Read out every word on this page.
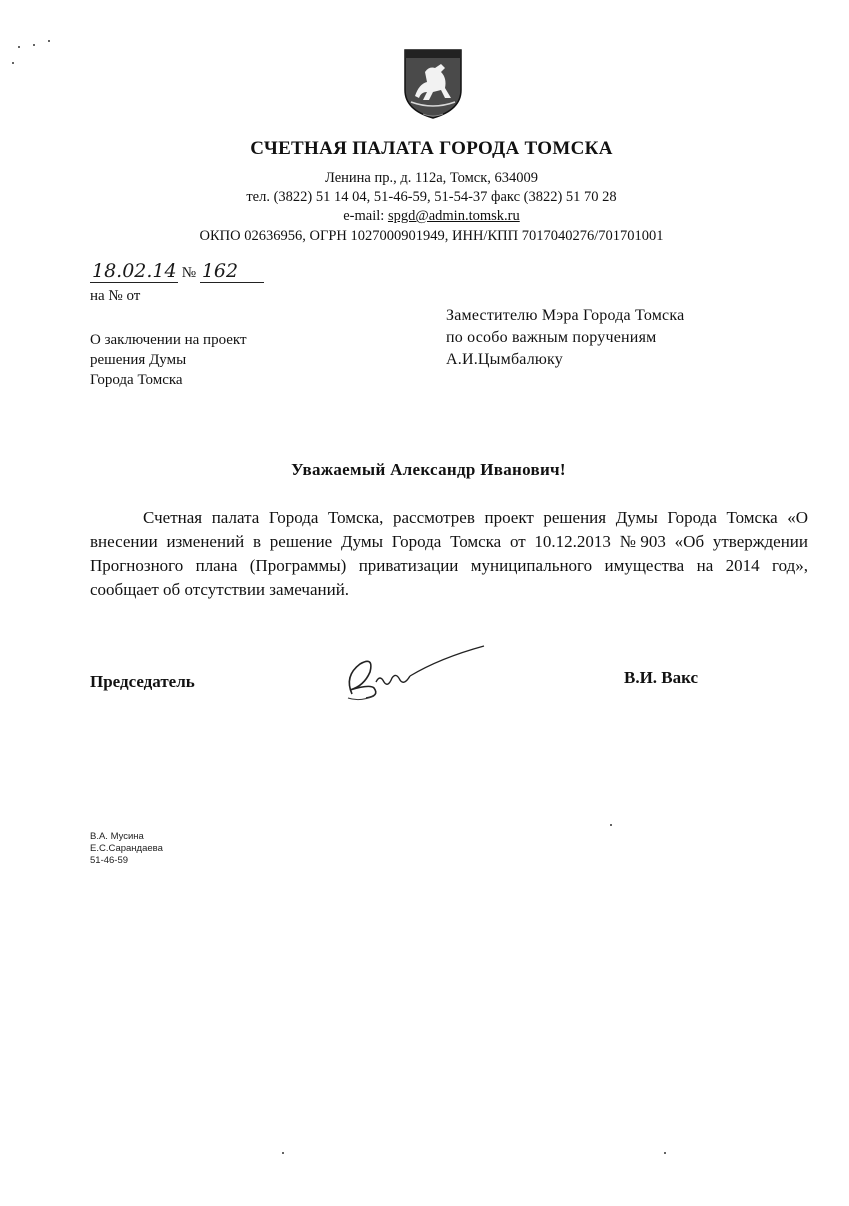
СЧЕТНАЯ ПАЛАТА ГОРОДА ТОМСКА
Ленина пр., д. 112а, Томск, 634009
тел. (3822) 51 14 04, 51-46-59, 51-54-37 факс (3822) 51 70 28
e-mail: spgd@admin.tomsk.ru
ОКПО 02636956, ОГРН 1027000901949, ИНН/КПП 7017040276/701701001
18.02.14 № 162
на № от
О заключении на проект
решения Думы
Города Томска
Заместителю Мэра Города Томска
по особо важным поручениям
А.И.Цымбалюку
Уважаемый Александр Иванович!
Счетная палата Города Томска, рассмотрев проект решения Думы Города Томска «О внесении изменений в решение Думы Города Томска от 10.12.2013 №903 «Об утверждении Прогнозного плана (Программы) приватизации муниципального имущества на 2014 год», сообщает об отсутствии замечаний.
Председатель	В.И. Вакс
В.А. Мусина
Е.С.Сарандаева
51-46-59
